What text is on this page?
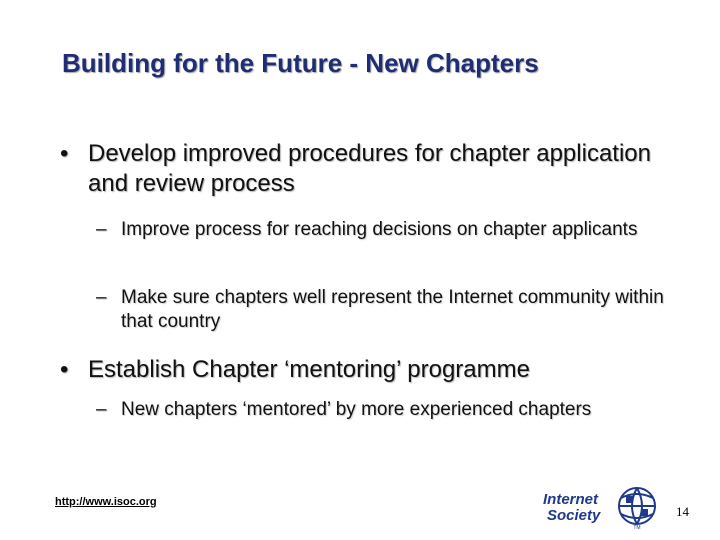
Building for the Future - New Chapters
• Develop improved procedures for chapter application and review process
– Improve process for reaching decisions on chapter applicants
– Make sure chapters well represent the Internet community within that country
• Establish Chapter ‘mentoring’ programme
– New chapters ‘mentored’ by more experienced chapters
http://www.isoc.org	Internet
Society
TM
14
